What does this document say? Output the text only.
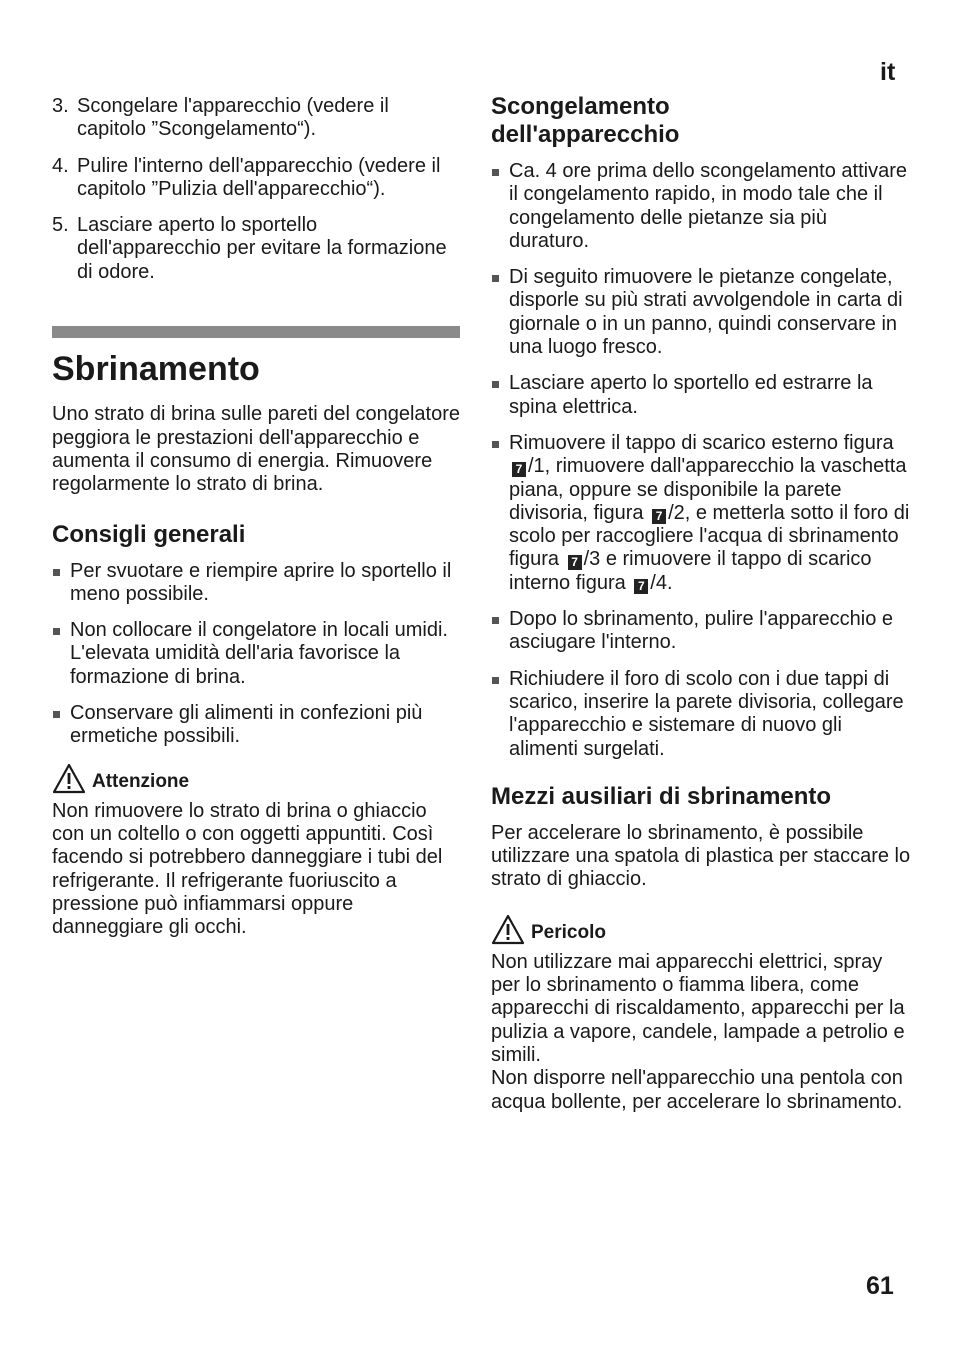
it
3. Scongelare l'apparecchio (vedere il capitolo ”Scongelamento“).
4. Pulire l'interno dell'apparecchio (vedere il capitolo ”Pulizia dell'apparecchio“).
5. Lasciare aperto lo sportello dell'apparecchio per evitare la formazione di odore.
Sbrinamento
Uno strato di brina sulle pareti del congelatore peggiora le prestazioni dell'apparecchio e aumenta il consumo di energia. Rimuovere regolarmente lo strato di brina.
Consigli generali
Per svuotare e riempire aprire lo sportello il meno possibile.
Non collocare il congelatore in locali umidi. L'elevata umidità dell'aria favorisce la formazione di brina.
Conservare gli alimenti in confezioni più ermetiche possibili.
Attenzione
Non rimuovere lo strato di brina o ghiaccio con un coltello o con oggetti appuntiti. Così facendo si potrebbero danneggiare i tubi del refrigerante. Il refrigerante fuoriuscito a pressione può infiammarsi oppure danneggiare gli occhi.
Scongelamento dell'apparecchio
Ca. 4 ore prima dello scongelamento attivare il congelamento rapido, in modo tale che il congelamento delle pietanze sia più duraturo.
Di seguito rimuovere le pietanze congelate, disporle su più strati avvolgendole in carta di giornale o in un panno, quindi conservare in una luogo fresco.
Lasciare aperto lo sportello ed estrarre la spina elettrica.
Rimuovere il tappo di scarico esterno figura 7 /1, rimuovere dall'apparecchio la vaschetta piana, oppure se disponibile la parete divisoria, figura 7 /2, e metterla sotto il foro di scolo per raccogliere l'acqua di sbrinamento figura 7 /3 e rimuovere il tappo di scarico interno figura 7 /4.
Dopo lo sbrinamento, pulire l'apparecchio e asciugare l'interno.
Richiudere il foro di scolo con i due tappi di scarico, inserire la parete divisoria, collegare l'apparecchio e sistemare di nuovo gli alimenti surgelati.
Mezzi ausiliari di sbrinamento
Per accelerare lo sbrinamento, è possibile utilizzare una spatola di plastica per staccare lo strato di ghiaccio.
Pericolo
Non utilizzare mai apparecchi elettrici, spray per lo sbrinamento o fiamma libera, come apparecchi di riscaldamento, apparecchi per la pulizia a vapore, candele, lampade a petrolio e simili.
Non disporre nell'apparecchio una pentola con acqua bollente, per accelerare lo sbrinamento.
61
